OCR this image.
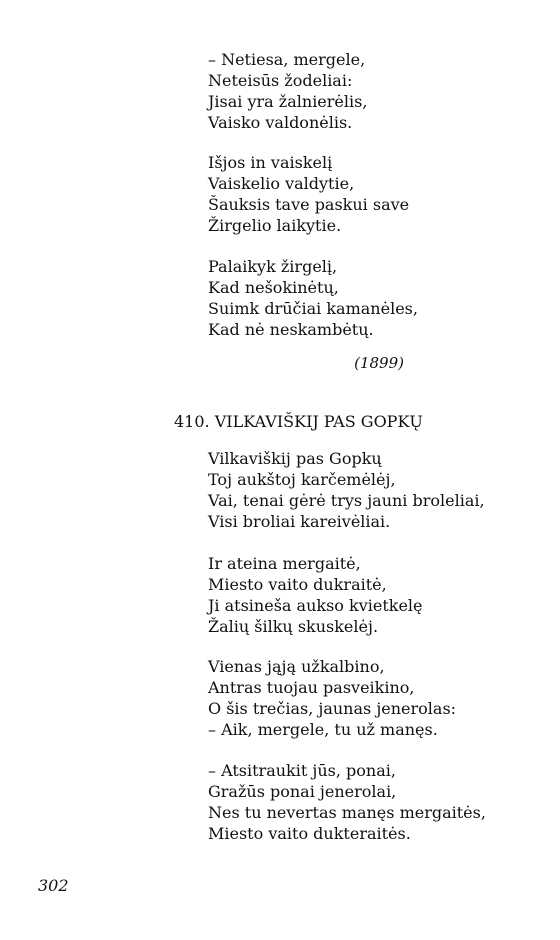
– Netiesa, mergele,
Neteisūs žodeliai:
Jisai yra žalnierėlis,
Vaisko valdonėlis.
Išjos in vaiskelį
Vaiskelio valdytie,
Šauksis tave paskui save
Žirgelio laikytie.
Palaikyk žirgelį,
Kad nešokinėtų,
Suimk drūčiai kamanėles,
Kad nė neskambėtų.
(1899)
410. VILKAVIŠKIJ PAS GOPKŲ
Vilkaviškij pas Gopkų
Toj aukštoj karčemėlėj,
Vai, tenai gėrė trys jauni broleliai,
Visi broliai kareivėliai.
Ir ateina mergaitė,
Miesto vaito dukraitė,
Ji atsineša aukso kvietkelę
Žalių šilkų skuskelėj.
Vienas jąją užkalbino,
Antras tuojau pasveikino,
O šis trečias, jaunas jenerolas:
– Aik, mergele, tu už manęs.
– Atsitraukit jūs, ponai,
Gražūs ponai jenerolai,
Nes tu nevertas manęs mergaitės,
Miesto vaito dukteraitės.
302
